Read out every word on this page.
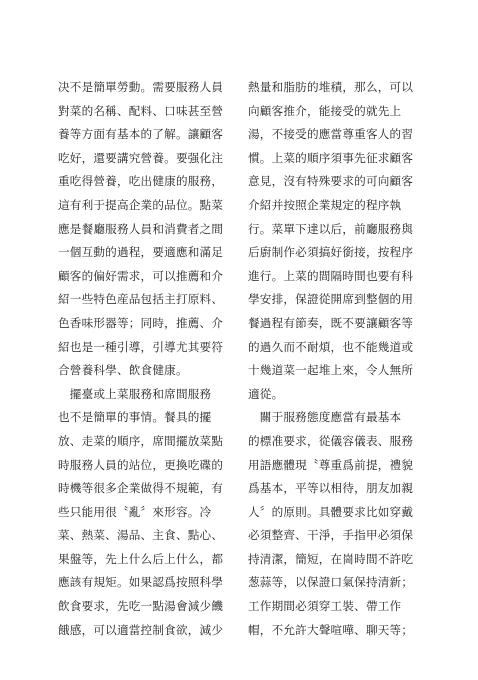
决不是簡單勞動。需要服務人員
對菜的名稱、配料、口味甚至營
養等方面有基本的了解。讓顧客
吃好，還要講究營養。要强化注
重吃得營養，吃出健康的服務，
這有利于提高企業的品位。點菜
應是餐廳服務人員和消費者之間
一個互動的過程，要適應和滿足
顧客的偏好需求，可以推薦和介
紹一些特色産品包括主打原料、
色香味形器等；同時，推薦、介
紹也是一種引導，引導尤其要符
合營養科學、飲食健康。
　擺臺或上菜服務和席間服務
也不是簡單的事情。餐具的擺
放、走菜的順序，席間擺放菜點
時服務人員的站位，更換吃碟的
時機等很多企業做得不規範，有
些只能用很〝亂〞來形容。冷
菜、熱菜、湯品、主食、點心、
果盤等，先上什么后上什么，都
應該有規矩。如果認爲按照科學
飲食要求，先吃一點湯會減少饑
餓感，可以適當控制食欲，減少
熱量和脂肪的堆積，那么，可以
向顧客推介，能接受的就先上
湯，不接受的應當尊重客人的習
慣。上菜的順序須事先征求顧客
意見，沒有特殊要求的可向顧客
介紹并按照企業規定的程序執
行。菜單下達以后，前廳服務與
后廚制作必須搞好銜接，按程序
進行。上菜的間隔時間也要有科
學安排，保證從開席到整個的用
餐過程有節奏，既不要讓顧客等
的過久而不耐煩，也不能幾道或
十幾道菜一起堆上來，令人無所
適從。
　關于服務態度應當有最基本
的標准要求，從儀容儀表、服務
用語應體現〝尊重爲前提，禮貌
爲基本，平等以相待，朋友加親
人〞的原則。具體要求比如穿戴
必須整齊、干淨，手指甲必須保
持清潔，簡短，在崗時間不許吃
葱蒜等，以保證口氣保持清新；
工作期間必須穿工裝、帶工作
帽，不允許大聲喧嘩、聊天等；
